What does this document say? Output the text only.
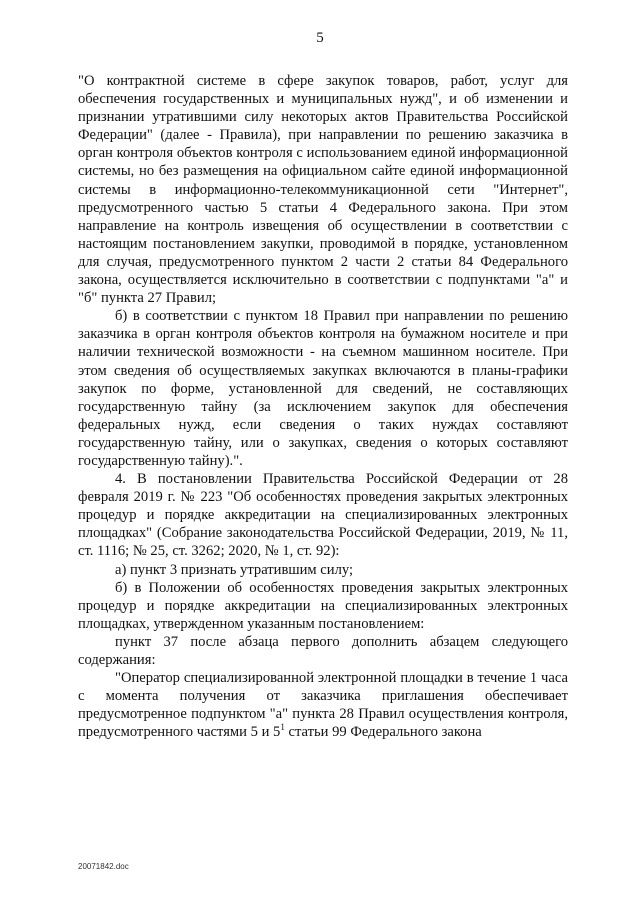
5

"О контрактной системе в сфере закупок товаров, работ, услуг для обеспечения государственных и муниципальных нужд", и об изменении и признании утратившими силу некоторых актов Правительства Российской Федерации" (далее - Правила), при направлении по решению заказчика в орган контроля объектов контроля с использованием единой информационной системы, но без размещения на официальном сайте единой информационной системы в информационно-телекоммуникационной сети "Интернет", предусмотренного частью 5 статьи 4 Федерального закона. При этом направление на контроль извещения об осуществлении в соответствии с настоящим постановлением закупки, проводимой в порядке, установленном для случая, предусмотренного пунктом 2 части 2 статьи 84 Федерального закона, осуществляется исключительно в соответствии с подпунктами "а" и "б" пункта 27 Правил;

б) в соответствии с пунктом 18 Правил при направлении по решению заказчика в орган контроля объектов контроля на бумажном носителе и при наличии технической возможности - на съемном машинном носителе. При этом сведения об осуществляемых закупках включаются в планы-графики закупок по форме, установленной для сведений, не составляющих государственную тайну (за исключением закупок для обеспечения федеральных нужд, если сведения о таких нуждах составляют государственную тайну, или о закупках, сведения о которых составляют государственную тайну).".

4. В постановлении Правительства Российской Федерации от 28 февраля 2019 г. № 223 "Об особенностях проведения закрытых электронных процедур и порядке аккредитации на специализированных электронных площадках" (Собрание законодательства Российской Федерации, 2019, № 11, ст. 1116; № 25, ст. 3262; 2020, № 1, ст. 92):

а) пункт 3 признать утратившим силу;

б) в Положении об особенностях проведения закрытых электронных процедур и порядке аккредитации на специализированных электронных площадках, утвержденном указанным постановлением:

пункт 37 после абзаца первого дополнить абзацем следующего содержания:

"Оператор специализированной электронной площадки в течение 1 часа с момента получения от заказчика приглашения обеспечивает предусмотренное подпунктом "а" пункта 28 Правил осуществления контроля, предусмотренного частями 5 и $5^1$ статьи 99 Федерального закона

20071842.doc
